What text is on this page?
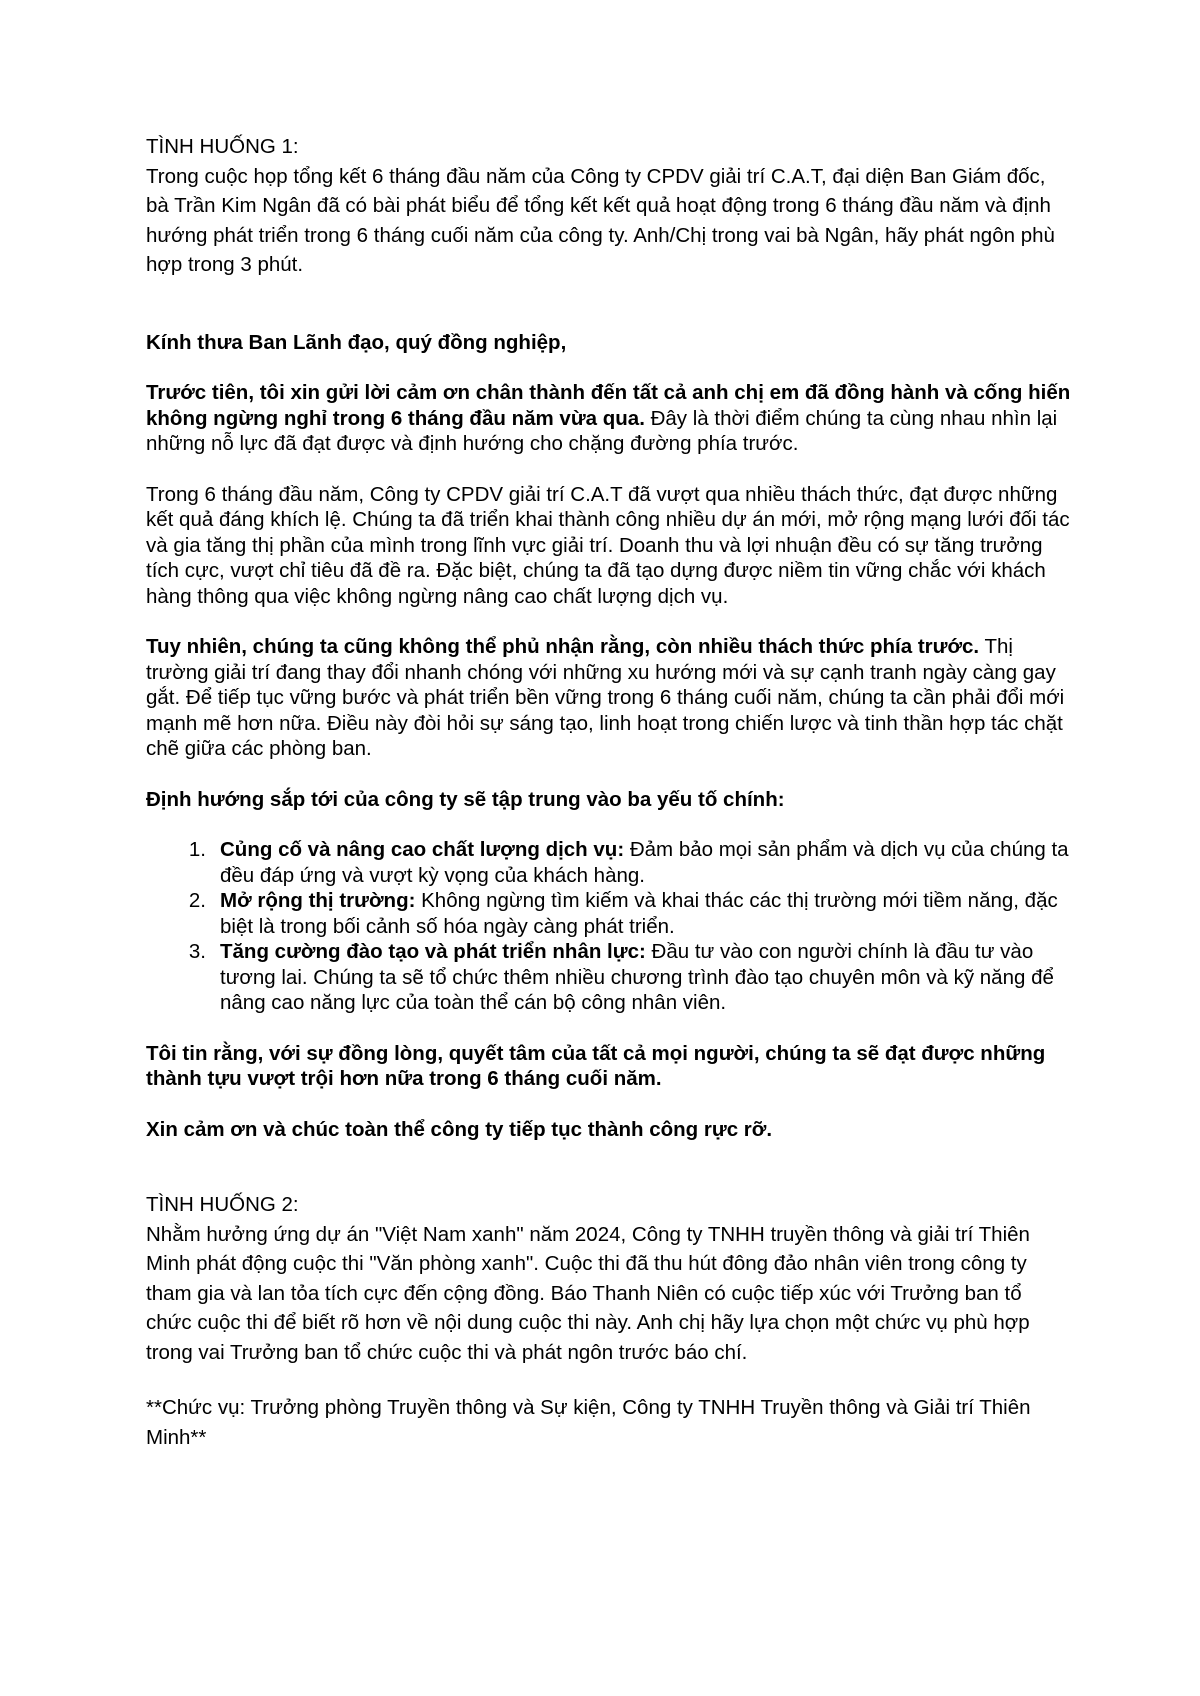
TÌNH HUỐNG 1:

Trong cuộc họp tổng kết 6 tháng đầu năm của Công ty CPDV giải trí C.A.T, đại diện Ban Giám đốc, bà Trần Kim Ngân đã có bài phát biểu để tổng kết kết quả hoạt động trong 6 tháng đầu năm và định hướng phát triển trong 6 tháng cuối năm của công ty. Anh/Chị trong vai bà Ngân, hãy phát ngôn phù hợp trong 3 phút.

Kính thưa Ban Lãnh đạo, quý đồng nghiệp,

Trước tiên, tôi xin gửi lời cảm ơn chân thành đến tất cả anh chị em đã đồng hành và cống hiến không ngừng nghỉ trong 6 tháng đầu năm vừa qua. Đây là thời điểm chúng ta cùng nhau nhìn lại những nỗ lực đã đạt được và định hướng cho chặng đường phía trước.

Trong 6 tháng đầu năm, Công ty CPDV giải trí C.A.T đã vượt qua nhiều thách thức, đạt được những kết quả đáng khích lệ. Chúng ta đã triển khai thành công nhiều dự án mới, mở rộng mạng lưới đối tác và gia tăng thị phần của mình trong lĩnh vực giải trí. Doanh thu và lợi nhuận đều có sự tăng trưởng tích cực, vượt chỉ tiêu đã đề ra. Đặc biệt, chúng ta đã tạo dựng được niềm tin vững chắc với khách hàng thông qua việc không ngừng nâng cao chất lượng dịch vụ.

Tuy nhiên, chúng ta cũng không thể phủ nhận rằng, còn nhiều thách thức phía trước. Thị trường giải trí đang thay đổi nhanh chóng với những xu hướng mới và sự cạnh tranh ngày càng gay gắt. Để tiếp tục vững bước và phát triển bền vững trong 6 tháng cuối năm, chúng ta cần phải đổi mới mạnh mẽ hơn nữa. Điều này đòi hỏi sự sáng tạo, linh hoạt trong chiến lược và tinh thần hợp tác chặt chẽ giữa các phòng ban.

Định hướng sắp tới của công ty sẽ tập trung vào ba yếu tố chính:

1. Củng cố và nâng cao chất lượng dịch vụ: Đảm bảo mọi sản phẩm và dịch vụ của chúng ta đều đáp ứng và vượt kỳ vọng của khách hàng.
2. Mở rộng thị trường: Không ngừng tìm kiếm và khai thác các thị trường mới tiềm năng, đặc biệt là trong bối cảnh số hóa ngày càng phát triển.
3. Tăng cường đào tạo và phát triển nhân lực: Đầu tư vào con người chính là đầu tư vào tương lai. Chúng ta sẽ tổ chức thêm nhiều chương trình đào tạo chuyên môn và kỹ năng để nâng cao năng lực của toàn thể cán bộ công nhân viên.

Tôi tin rằng, với sự đồng lòng, quyết tâm của tất cả mọi người, chúng ta sẽ đạt được những thành tựu vượt trội hơn nữa trong 6 tháng cuối năm.

Xin cảm ơn và chúc toàn thể công ty tiếp tục thành công rực rỡ.

TÌNH HUỐNG 2:

Nhằm hưởng ứng dự án "Việt Nam xanh" năm 2024, Công ty TNHH truyền thông và giải trí Thiên Minh phát động cuộc thi "Văn phòng xanh". Cuộc thi đã thu hút đông đảo nhân viên trong công ty tham gia và lan tỏa tích cực đến cộng đồng. Báo Thanh Niên có cuộc tiếp xúc với Trưởng ban tổ chức cuộc thi để biết rõ hơn về nội dung cuộc thi này. Anh chị hãy lựa chọn một chức vụ phù hợp trong vai Trưởng ban tổ chức cuộc thi và phát ngôn trước báo chí.

**Chức vụ: Trưởng phòng Truyền thông và Sự kiện, Công ty TNHH Truyền thông và Giải trí Thiên Minh**
